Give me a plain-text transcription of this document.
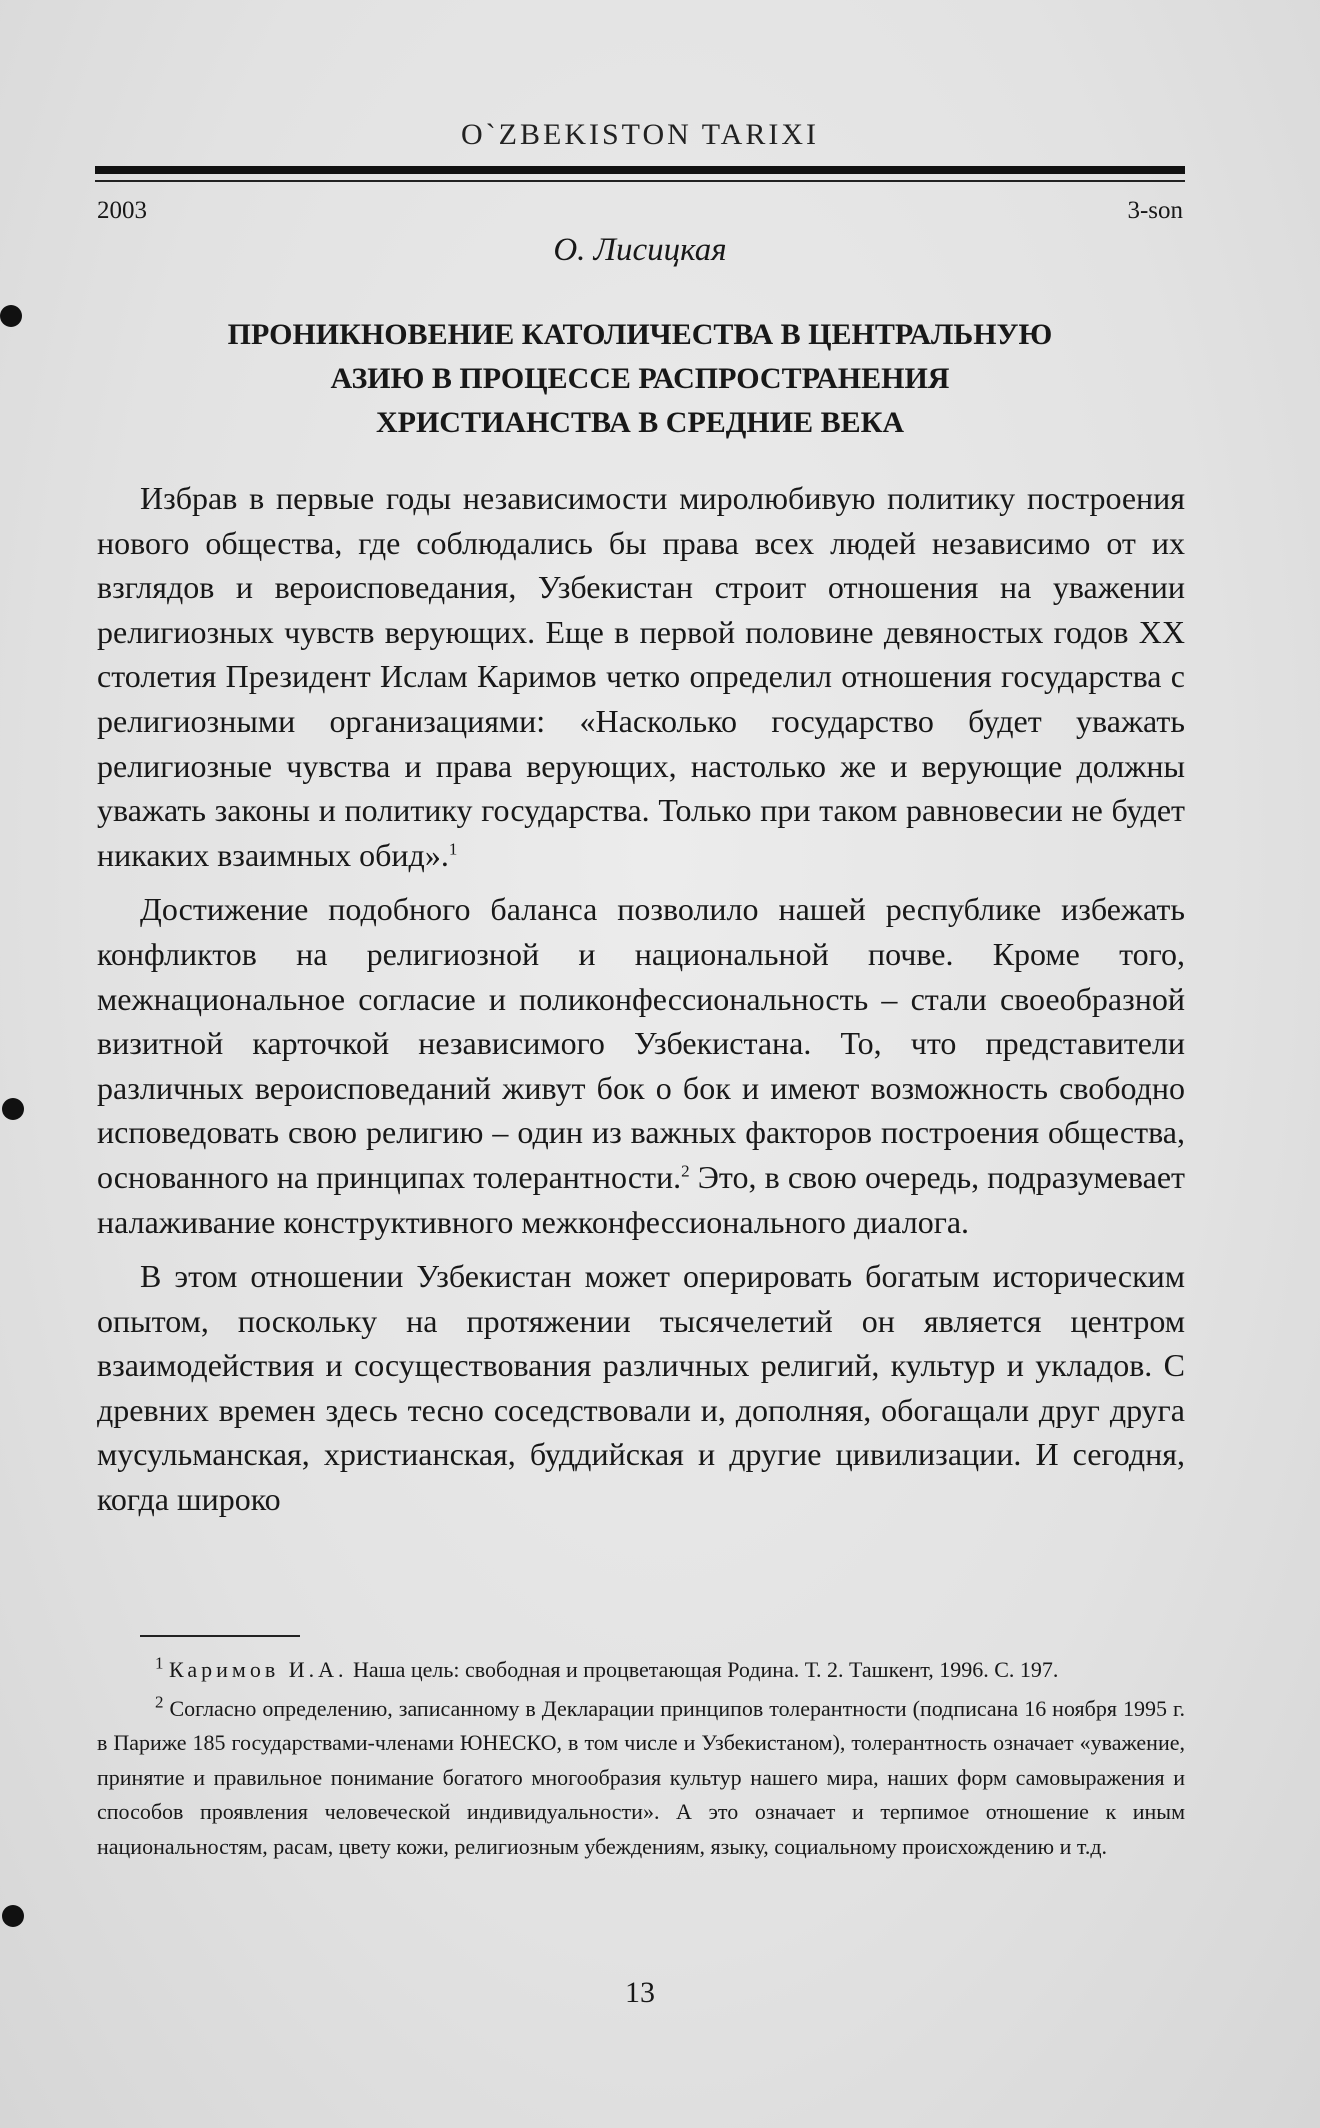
O`ZBEKISTON TARIXI
2003	3-son
О. Лисицкая
ПРОНИКНОВЕНИЕ КАТОЛИЧЕСТВА В ЦЕНТРАЛЬНУЮ
АЗИЮ В ПРОЦЕССЕ РАСПРОСТРАНЕНИЯ
ХРИСТИАНСТВА В СРЕДНИЕ ВЕКА

Избрав в первые годы независимости миролюбивую политику построения нового общества, где соблюдались бы права всех людей независимо от их взглядов и вероисповедания, Узбекистан строит отношения на уважении религиозных чувств верующих. Еще в первой половине девяностых годов XX столетия Президент Ислам Каримов четко определил отношения государства с религиозными организациями: «Насколько государство будет уважать религиозные чувства и права верующих, настолько же и верующие должны уважать законы и политику государства. Только при таком равновесии не будет никаких взаимных обид».$^1$

Достижение подобного баланса позволило нашей республике избежать конфликтов на религиозной и национальной почве. Кроме того, межнациональное согласие и поликонфессиональность – стали своеобразной визитной карточкой независимого Узбекистана. То, что представители различных вероисповеданий живут бок о бок и имеют возможность свободно исповедовать свою религию – один из важных факторов построения общества, основанного на принципах толерантности.$^2$ Это, в свою очередь, подразумевает налаживание конструктивного межконфессионального диалога.

В этом отношении Узбекистан может оперировать богатым историческим опытом, поскольку на протяжении тысячелетий он является центром взаимодействия и сосуществования различных религий, культур и укладов. С древних времен здесь тесно соседствовали и, дополняя, обогащали друг друга мусульманская, христианская, буддийская и другие цивилизации. И сегодня, когда широко

$^1$ Каримов И.А. Наша цель: свободная и процветающая Родина. Т. 2. Ташкент, 1996. С. 197.

$^2$ Согласно определению, записанному в Декларации принципов толерантности (подписана 16 ноября 1995 г. в Париже 185 государствами-членами ЮНЕСКО, в том числе и Узбекистаном), толерантность означает «уважение, принятие и правильное понимание богатого многообразия культур нашего мира, наших форм самовыражения и способов проявления человеческой индивидуальности». А это означает и терпимое отношение к иным национальностям, расам, цвету кожи, религиозным убеждениям, языку, социальному происхождению и т.д.

13
